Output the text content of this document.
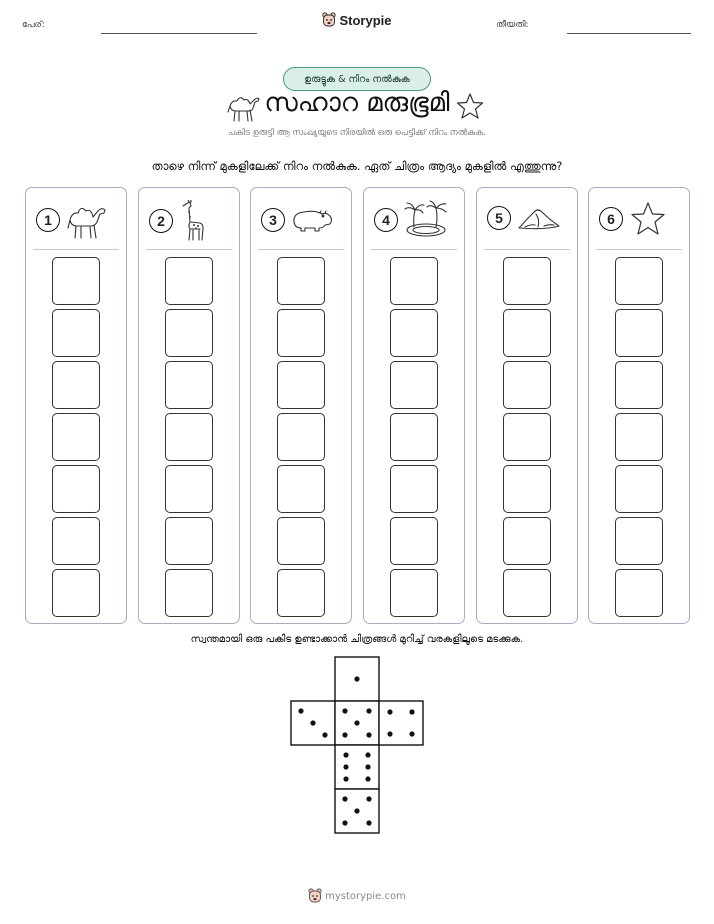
പേര്:	Storypie	തീയതി:
ഉരുട്ടുക & നിറം നൽകുക
സഹാറ മരുഭൂമി
പകിട ഉരുട്ടി ആ സംഖ്യയുടെ നിരയിൽ ഒരു പെട്ടിക്ക് നിറം നൽകുക.
താഴെ നിന്ന് മുകളിലേക്ക് നിറം നൽകുക. ഏത് ചിത്രം ആദ്യം മുകളിൽ എത്തുന്നു?
1	2	3	4	5	6
സ്വന്തമായി ഒരു പകിട ഉണ്ടാക്കാൻ ചിത്രങ്ങൾ മുറിച്ച് വരകളിലൂടെ മടക്കുക.
mystorypie.com
